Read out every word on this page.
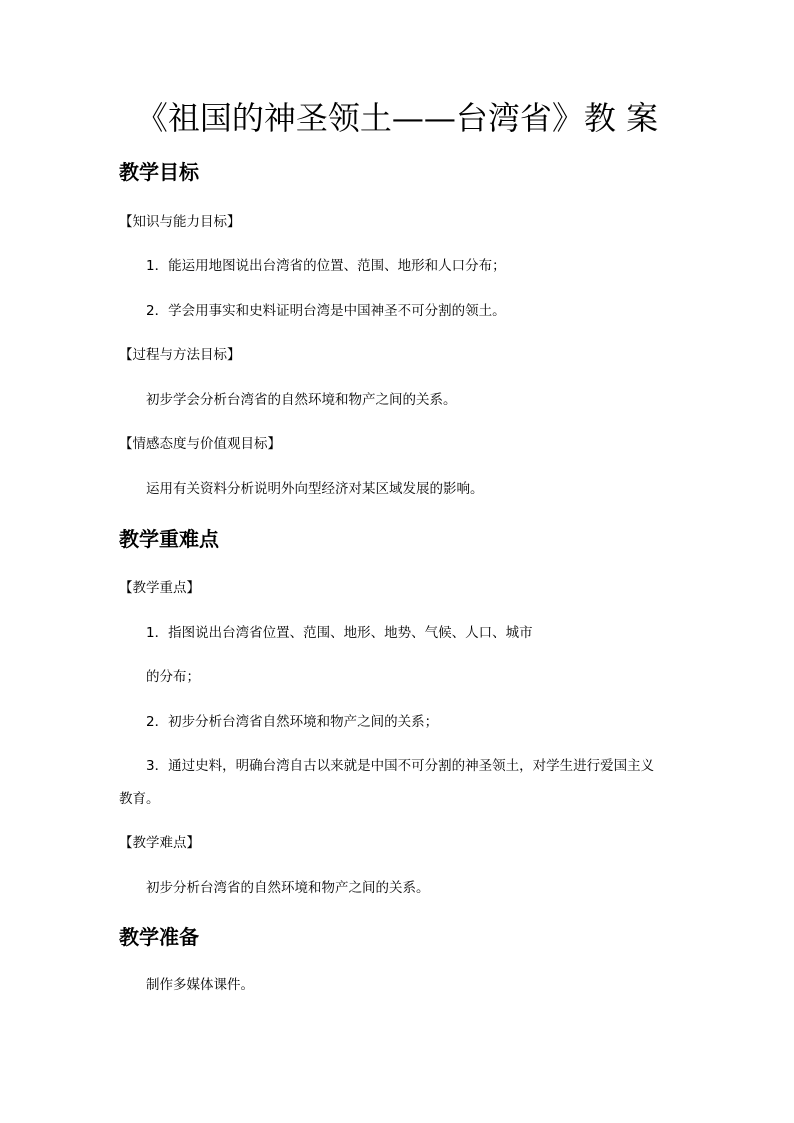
《祖国的神圣领土——台湾省》教 案
教学目标
【知识与能力目标】
1．能运用地图说出台湾省的位置、范围、地形和人口分布；
2．学会用事实和史料证明台湾是中国神圣不可分割的领土。
【过程与方法目标】
初步学会分析台湾省的自然环境和物产之间的关系。
【情感态度与价值观目标】
运用有关资料分析说明外向型经济对某区域发展的影响。
教学重难点
【教学重点】
1．指图说出台湾省位置、范围、地形、地势、气候、人口、城市
的分布；
2．初步分析台湾省自然环境和物产之间的关系；
3．通过史料，明确台湾自古以来就是中国不可分割的神圣领土，对学生进行爱国主义
教育。
【教学难点】
初步分析台湾省的自然环境和物产之间的关系。
教学准备
制作多媒体课件。
